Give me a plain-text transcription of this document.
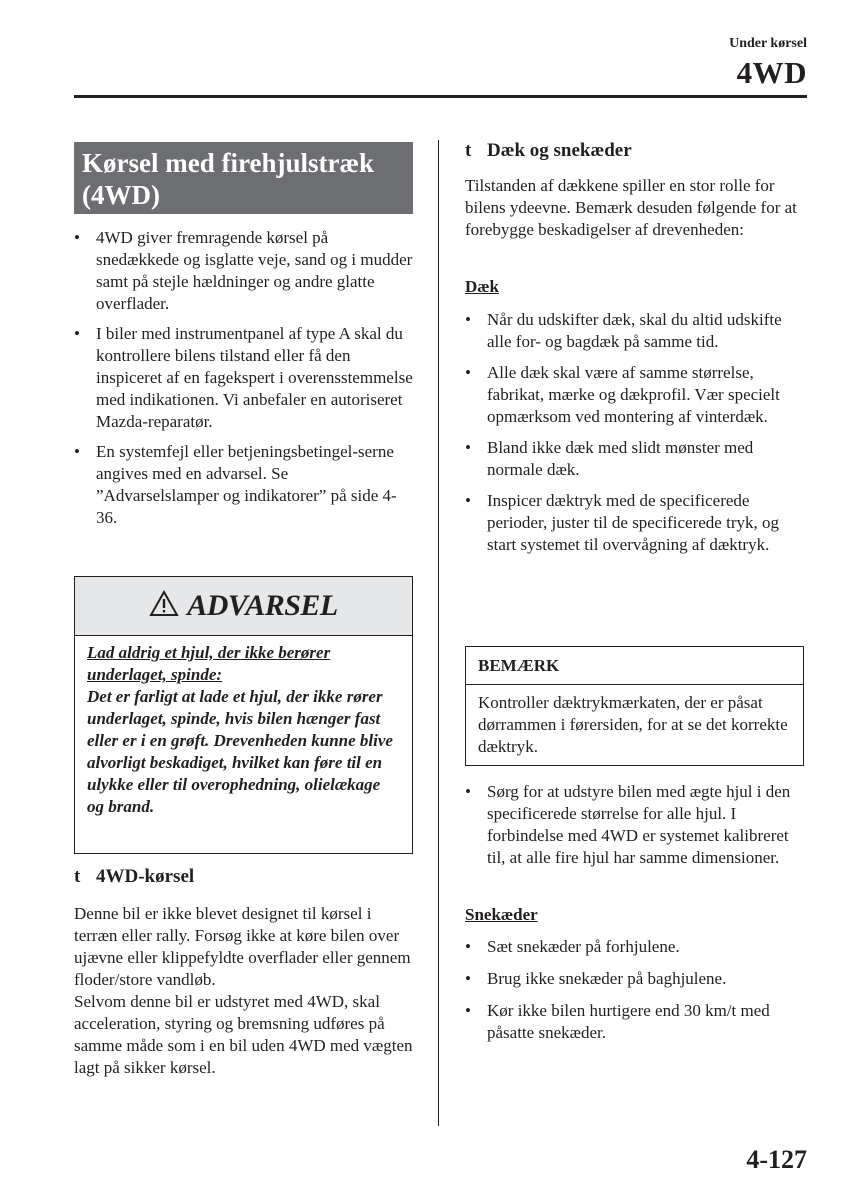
Under kørsel
4WD
Kørsel med firehjulstræk (4WD)
• 4WD giver fremragende kørsel på snedækkede og isglatte veje, sand og i mudder samt på stejle hældninger og andre glatte overflader.
• I biler med instrumentpanel af type A skal du kontrollere bilens tilstand eller få den inspiceret af en fagekspert i overensstemmelse med indikationen. Vi anbefaler en autoriseret Mazda-reparatør.
• En systemfejl eller betjeningsbetingel-serne angives med en advarsel. Se ”Advarselslamper og indikatorer” på side 4-36.
ADVARSEL
Lad aldrig et hjul, der ikke berører underlaget, spinde:
Det er farligt at lade et hjul, der ikke rører underlaget, spinde, hvis bilen hænger fast eller er i en grøft. Drevenheden kunne blive alvorligt beskadiget, hvilket kan føre til en ulykke eller til overophedning, olielækage og brand.
t 4WD-kørsel
Denne bil er ikke blevet designet til kørsel i terræn eller rally. Forsøg ikke at køre bilen over ujævne eller klippefyldte overflader eller gennem floder/store vandløb.
Selvom denne bil er udstyret med 4WD, skal acceleration, styring og bremsning udføres på samme måde som i en bil uden 4WD med vægten lagt på sikker kørsel.
t Dæk og snekæder
Tilstanden af dækkene spiller en stor rolle for bilens ydeevne. Bemærk desuden følgende for at forebygge beskadigelser af drevenheden:
Dæk
• Når du udskifter dæk, skal du altid udskifte alle for- og bagdæk på samme tid.
• Alle dæk skal være af samme størrelse, fabrikat, mærke og dækprofil. Vær specielt opmærksom ved montering af vinterdæk.
• Bland ikke dæk med slidt mønster med normale dæk.
• Inspicer dæktryk med de specificerede perioder, juster til de specificerede tryk, og start systemet til overvågning af dæktryk.
BEMÆRK
Kontroller dæktrykmærkaten, der er påsat dørrammen i førersiden, for at se det korrekte dæktryk.
• Sørg for at udstyre bilen med ægte hjul i den specificerede størrelse for alle hjul. I forbindelse med 4WD er systemet kalibreret til, at alle fire hjul har samme dimensioner.
Snekæder
• Sæt snekæder på forhjulene.
• Brug ikke snekæder på baghjulene.
• Kør ikke bilen hurtigere end 30 km/t med påsatte snekæder.
4-127
